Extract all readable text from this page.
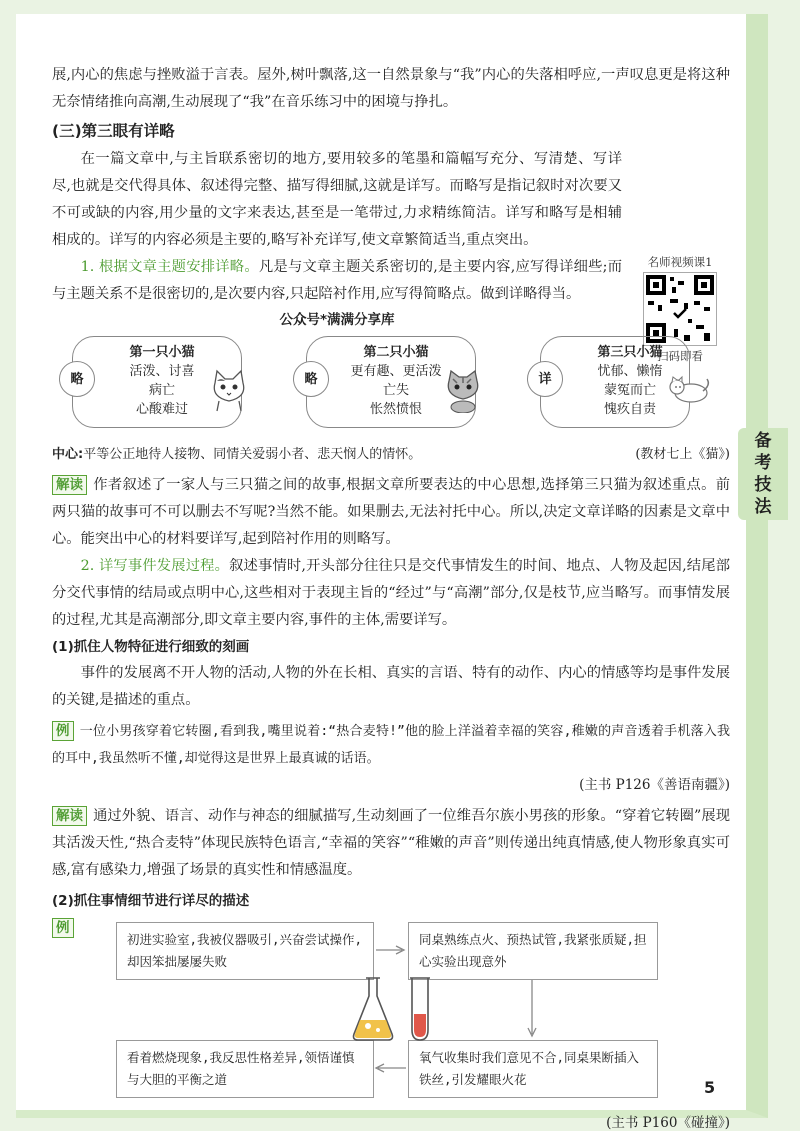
备
考
技
法

展,内心的焦虑与挫败溢于言表。屋外,树叶飘落,这一自然景象与“我”内心的失落相呼应,一声叹息更是将这种无奈情绪推向高潮,生动展现了“我”在音乐练习中的困境与挣扎。

(三)第三眼有详略
名师视频课1
扫码即看

在一篇文章中,与主旨联系密切的地方,要用较多的笔墨和篇幅写充分、写清楚、写详尽,也就是交代得具体、叙述得完整、描写得细腻,这就是详写。而略写是指记叙时对次要又不可或缺的内容,用少量的文字来表达,甚至是一笔带过,力求精练简洁。详写和略写是相辅相成的。详写的内容必须是主要的,略写补充详写,使文章繁简适当,重点突出。

1. 根据文章主题安排详略。凡是与文章主题关系密切的,是主要内容,应写得详细些;而与主题关系不是很密切的,是次要内容,只起陪衬作用,应写得简略点。做到详略得当。

公众号*满满分享库
略
第一只小猫
活泼、讨喜
病亡
心酸难过
略
第二只小猫
更有趣、更活泼
亡失
怅然愤恨
详
第三只小猫
忧郁、懒惰
蒙冤而亡
愧疚自责
中心:平等公正地待人接物、同情关爱弱小者、悲天悯人的情怀。	(教材七上《猫》)

解读 作者叙述了一家人与三只猫之间的故事,根据文章所要表达的中心思想,选择第三只猫为叙述重点。前两只猫的故事可不可以删去不写呢?当然不能。如果删去,无法衬托中心。所以,决定文章详略的因素是文章中心。能突出中心的材料要详写,起到陪衬作用的则略写。

2. 详写事件发展过程。叙述事情时,开头部分往往只是交代事情发生的时间、地点、人物及起因,结尾部分交代事情的结局或点明中心,这些相对于表现主旨的“经过”与“高潮”部分,仅是枝节,应当略写。而事情发展的过程,尤其是高潮部分,即文章主要内容,事件的主体,需要详写。

(1)抓住人物特征进行细致的刻画

事件的发展离不开人物的活动,人物的外在长相、真实的言语、特有的动作、内心的情感等均是事件发展的关键,是描述的重点。

例 一位小男孩穿着它转圈,看到我,嘴里说着:“热合麦特!”他的脸上洋溢着幸福的笑容,稚嫩的声音透着手机落入我的耳中,我虽然听不懂,却觉得这是世界上最真诚的话语。

(主书 P126《善语南疆》)

解读 通过外貌、语言、动作与神态的细腻描写,生动刻画了一位维吾尔族小男孩的形象。“穿着它转圈”展现其活泼天性,“热合麦特”体现民族特色语言,“幸福的笑容”“稚嫩的声音”则传递出纯真情感,使人物形象真实可感,富有感染力,增强了场景的真实性和情感温度。

(2)抓住事情细节进行详尽的描述
例
初进实验室,我被仪器吸引,兴奋尝试操作,却因笨拙屡屡失败
同桌熟练点火、预热试管,我紧张质疑,担心实验出现意外
看着燃烧现象,我反思性格差异,领悟谨慎与大胆的平衡之道
氧气收集时我们意见不合,同桌果断插入铁丝,引发耀眼火花
(主书 P160《碰撞》)
5
